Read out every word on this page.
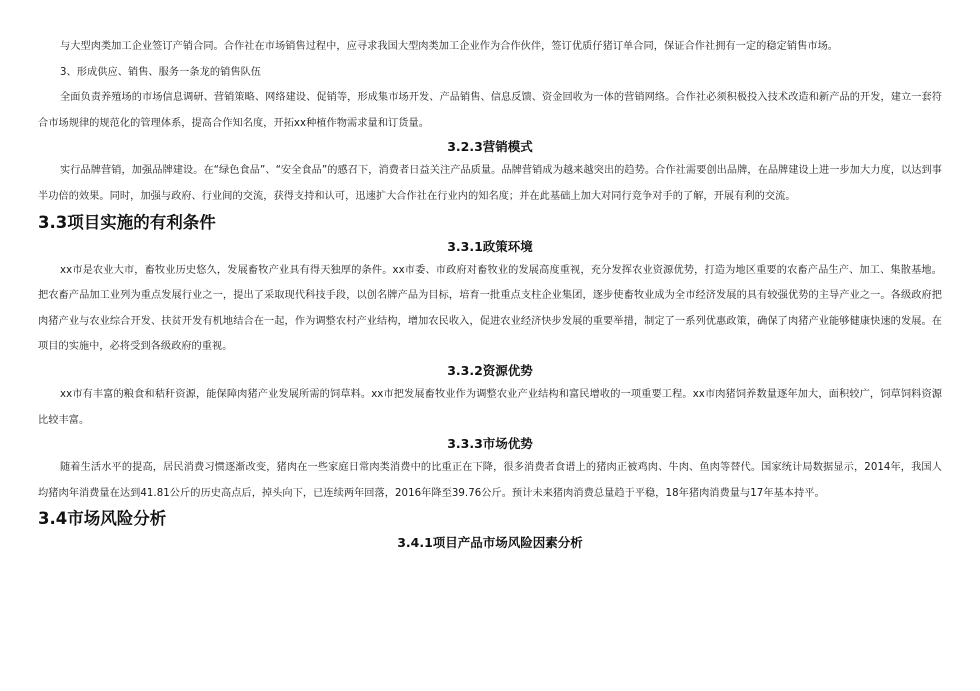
与大型肉类加工企业签订产销合同。合作社在市场销售过程中，应寻求我国大型肉类加工企业作为合作伙伴，签订优质仔猪订单合同，保证合作社拥有一定的稳定销售市场。

3、形成供应、销售、服务一条龙的销售队伍

全面负责养殖场的市场信息调研、营销策略、网络建设、促销等，形成集市场开发、产品销售、信息反馈、资金回收为一体的营销网络。合作社必须积极投入技术改造和新产品的开发，建立一套符合市场规律的规范化的管理体系，提高合作知名度，开拓xx种植作物需求量和订货量。

3.2.3营销模式

实行品牌营销，加强品牌建设。在“绿色食品”、“安全食品”的感召下，消费者日益关注产品质量。品牌营销成为越来越突出的趋势。合作社需要创出品牌，在品牌建设上进一步加大力度，以达到事半功倍的效果。同时，加强与政府、行业间的交流，获得支持和认可，迅速扩大合作社在行业内的知名度；并在此基础上加大对同行竞争对手的了解，开展有利的交流。

3.3项目实施的有利条件

3.3.1政策环境

xx市是农业大市，畜牧业历史悠久，发展畜牧产业具有得天独厚的条件。xx市委、市政府对畜牧业的发展高度重视，充分发挥农业资源优势，打造为地区重要的农畜产品生产、加工、集散基地。把农畜产品加工业列为重点发展行业之一，提出了采取现代科技手段，以创名牌产品为目标，培育一批重点支柱企业集团，逐步使畜牧业成为全市经济发展的具有较强优势的主导产业之一。各级政府把肉猪产业与农业综合开发、扶贫开发有机地结合在一起，作为调整农村产业结构，增加农民收入，促进农业经济快步发展的重要举措，制定了一系列优惠政策，确保了肉猪产业能够健康快速的发展。在项目的实施中，必将受到各级政府的重视。

3.3.2资源优势

xx市有丰富的粮食和秸秆资源，能保障肉猪产业发展所需的饲草料。xx市把发展畜牧业作为调整农业产业结构和富民增收的一项重要工程。xx市肉猪饲养数量逐年加大，面积较广，饲草饲料资源比较丰富。

3.3.3市场优势

随着生活水平的提高，居民消费习惯逐渐改变，猪肉在一些家庭日常肉类消费中的比重正在下降，很多消费者食谱上的猪肉正被鸡肉、牛肉、鱼肉等替代。国家统计局数据显示，2014年，我国人均猪肉年消费量在达到41.81公斤的历史高点后，掉头向下，已连续两年回落，2016年降至39.76公斤。预计未来猪肉消费总量趋于平稳，18年猪肉消费量与17年基本持平。

3.4市场风险分析

3.4.1项目产品市场风险因素分析
